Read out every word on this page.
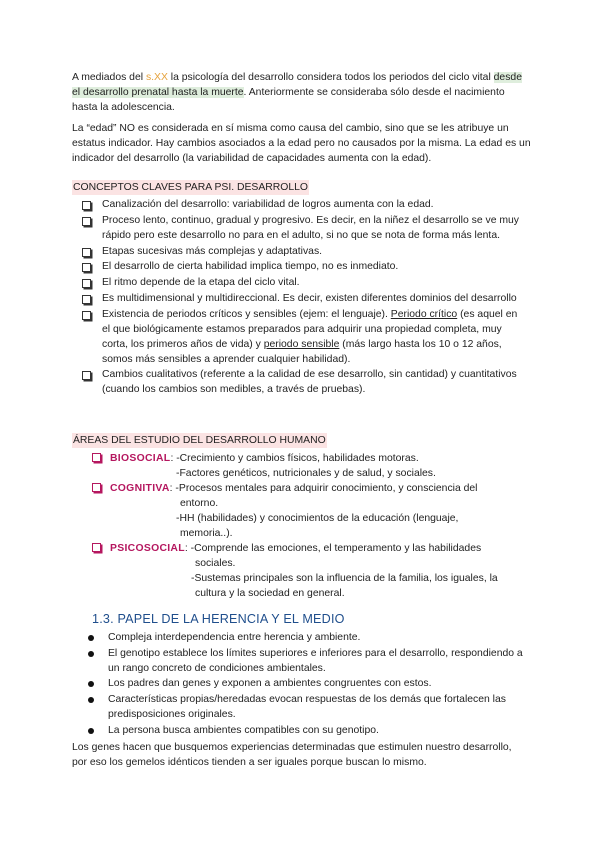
A mediados del s.XX la psicología del desarrollo considera todos los periodos del ciclo vital desde el desarrollo prenatal hasta la muerte. Anteriormente se consideraba sólo desde el nacimiento hasta la adolescencia.

La “edad” NO es considerada en sí misma como causa del cambio, sino que se les atribuye un estatus indicador. Hay cambios asociados a la edad pero no causados por la misma. La edad es un indicador del desarrollo (la variabilidad de capacidades aumenta con la edad).

CONCEPTOS CLAVES PARA PSI. DESARROLLO
Canalización del desarrollo: variabilidad de logros aumenta con la edad.
Proceso lento, continuo, gradual y progresivo. Es decir, en la niñez el desarrollo se ve muy rápido pero este desarrollo no para en el adulto, si no que se nota de forma más lenta.
Etapas sucesivas más complejas y adaptativas.
El desarrollo de cierta habilidad implica tiempo, no es inmediato.
El ritmo depende de la etapa del ciclo vital.
Es multidimensional y multidireccional. Es decir, existen diferentes dominios del desarrollo
Existencia de periodos críticos y sensibles (ejem: el lenguaje). Periodo crítico (es aquel en el que biológicamente estamos preparados para adquirir una propiedad completa, muy corta, los primeros años de vida) y periodo sensible (más largo hasta los 10 o 12 años, somos más sensibles a aprender cualquier habilidad).
Cambios cualitativos (referente a la calidad de ese desarrollo, sin cantidad) y cuantitativos (cuando los cambios son medibles, a través de pruebas).
ÁREAS DEL ESTUDIO DEL DESARROLLO HUMANO
BIOSOCIAL: -Crecimiento y cambios físicos, habilidades motoras.
-Factores genéticos, nutricionales y de salud, y sociales.
COGNITIVA: -Procesos mentales para adquirir conocimiento, y consciencia del
entorno.
-HH (habilidades) y conocimientos de la educación (lenguaje,
memoria..).
PSICOSOCIAL: -Comprende las emociones, el temperamento y las habilidades
sociales.
-Sustemas principales son la influencia de la familia, los iguales, la
cultura y la sociedad en general.
1.3. PAPEL DE LA HERENCIA Y EL MEDIO
Compleja interdependencia entre herencia y ambiente.
El genotipo establece los límites superiores e inferiores para el desarrollo, respondiendo a un rango concreto de condiciones ambientales.
Los padres dan genes y exponen a ambientes congruentes con estos.
Características propias/heredadas evocan respuestas de los demás que fortalecen las predisposiciones originales.
La persona busca ambientes compatibles con su genotipo.

Los genes hacen que busquemos experiencias determinadas que estimulen nuestro desarrollo, por eso los gemelos idénticos tienden a ser iguales porque buscan lo mismo.
